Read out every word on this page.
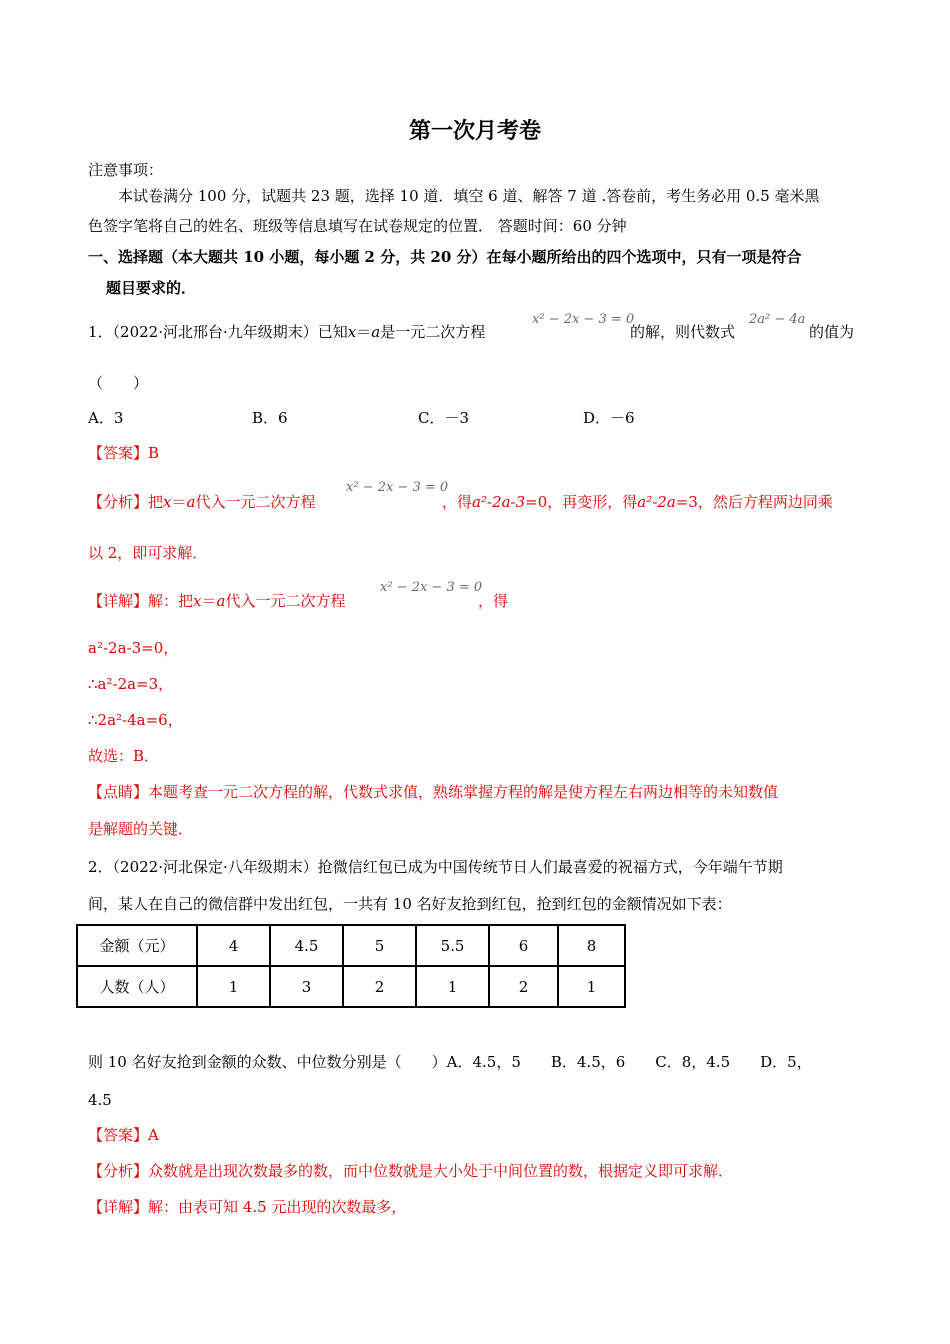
第一次月考卷
注意事项：
本试卷满分 100 分，试题共 23 题，选择 10 道．填空 6 道、解答 7 道 .答卷前，考生务必用 0.5 毫米黑
色签字笔将自己的姓名、班级等信息填写在试卷规定的位置． 答题时间：60 分钟
一、选择题（本大题共 10 小题，每小题 2 分，共 20 分）在每小题所给出的四个选项中，只有一项是符合
题目要求的．
1．（2022·河北邢台·九年级期末）已知x＝a是一元二次方程
x² − 2x − 3 = 0
的解，则代数式
2a² − 4a
的值为
（　　）
A．3	B．6	C．－3	D．－6
【答案】B
【分析】把x＝a代入一元二次方程
x² − 2x − 3 = 0
，得a²-2a-3=0，再变形，得a²-2a=3，然后方程两边同乘
以 2，即可求解．
【详解】解：把x＝a代入一元二次方程
x² − 2x − 3 = 0
，得
a²-2a-3=0，
∴a²-2a=3，
∴2a²-4a=6，
故选：B．
【点睛】本题考查一元二次方程的解，代数式求值，熟练掌握方程的解是使方程左右两边相等的未知数值
是解题的关键．
2．（2022·河北保定·八年级期末）抢微信红包已成为中国传统节日人们最喜爱的祝福方式，今年端午节期
间，某人在自己的微信群中发出红包，一共有 10 名好友抢到红包，抢到红包的金额情况如下表：
金额（元）	4	4.5	5	5.5	6	8
人数（人）	1	3	2	1	2	1
则 10 名好友抢到金额的众数、中位数分别是（　　）A．4.5，5　　B．4.5，6　　C．8，4.5　　D．5，
4.5
【答案】A
【分析】众数就是出现次数最多的数，而中位数就是大小处于中间位置的数，根据定义即可求解．
【详解】解：由表可知 4.5 元出现的次数最多，
